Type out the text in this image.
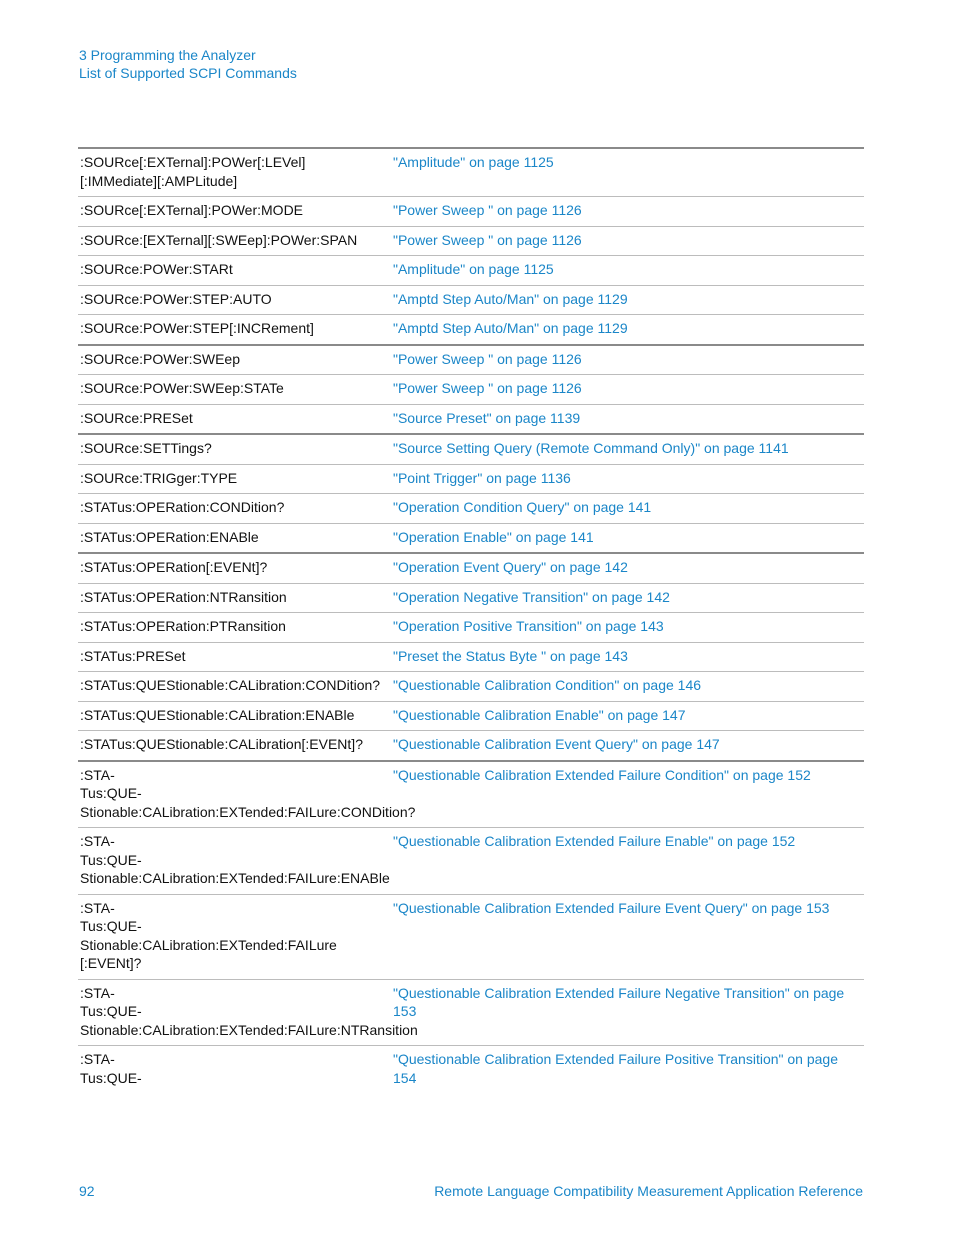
3 Programming the Analyzer
List of Supported SCPI Commands
:SOURce[:EXTernal]:POWer[:LEVel]
[:IMMediate][:AMPLitude]	"Amplitude" on page 1125
:SOURce[:EXTernal]:POWer:MODE	"Power Sweep " on page 1126
:SOURce:[EXTernal][:SWEep]:POWer:SPAN	"Power Sweep " on page 1126
:SOURce:POWer:STARt	"Amplitude" on page 1125
:SOURce:POWer:STEP:AUTO	"Amptd Step Auto/Man" on page 1129
:SOURce:POWer:STEP[:INCRement]	"Amptd Step Auto/Man" on page 1129
:SOURce:POWer:SWEep	"Power Sweep " on page 1126
:SOURce:POWer:SWEep:STATe	"Power Sweep " on page 1126
:SOURce:PRESet	"Source Preset" on page 1139
:SOURce:SETTings?	"Source Setting Query (Remote Command Only)" on page 1141
:SOURce:TRIGger:TYPE	"Point Trigger" on page 1136
:STATus:OPERation:CONDition?	"Operation Condition Query" on page 141
:STATus:OPERation:ENABle	"Operation Enable" on page 141
:STATus:OPERation[:EVENt]?	"Operation Event Query" on page 142
:STATus:OPERation:NTRansition	"Operation Negative Transition" on page 142
:STATus:OPERation:PTRansition	"Operation Positive Transition" on page 143
:STATus:PRESet	"Preset the Status Byte " on page 143
:STATus:QUEStionable:CALibration:CONDition?	"Questionable Calibration Condition" on page 146
:STATus:QUEStionable:CALibration:ENABle	"Questionable Calibration Enable" on page 147
:STATus:QUEStionable:CALibration[:EVENt]?	"Questionable Calibration Event Query" on page 147
:STA-
Tus:QUE-
Stionable:CALibration:EXTended:FAILure:CONDition?	"Questionable Calibration Extended Failure Condition" on page 152
:STA-
Tus:QUE-
Stionable:CALibration:EXTended:FAILure:ENABle	"Questionable Calibration Extended Failure Enable" on page 152
:STA-
Tus:QUE-
Stionable:CALibration:EXTended:FAILure
[:EVENt]?	"Questionable Calibration Extended Failure Event Query" on page 153
:STA-
Tus:QUE-
Stionable:CALibration:EXTended:FAILure:NTRansition	"Questionable Calibration Extended Failure Negative Transition" on page 153
:STA-
Tus:QUE-	"Questionable Calibration Extended Failure Positive Transition" on page 154
92	Remote Language Compatibility Measurement Application Reference
